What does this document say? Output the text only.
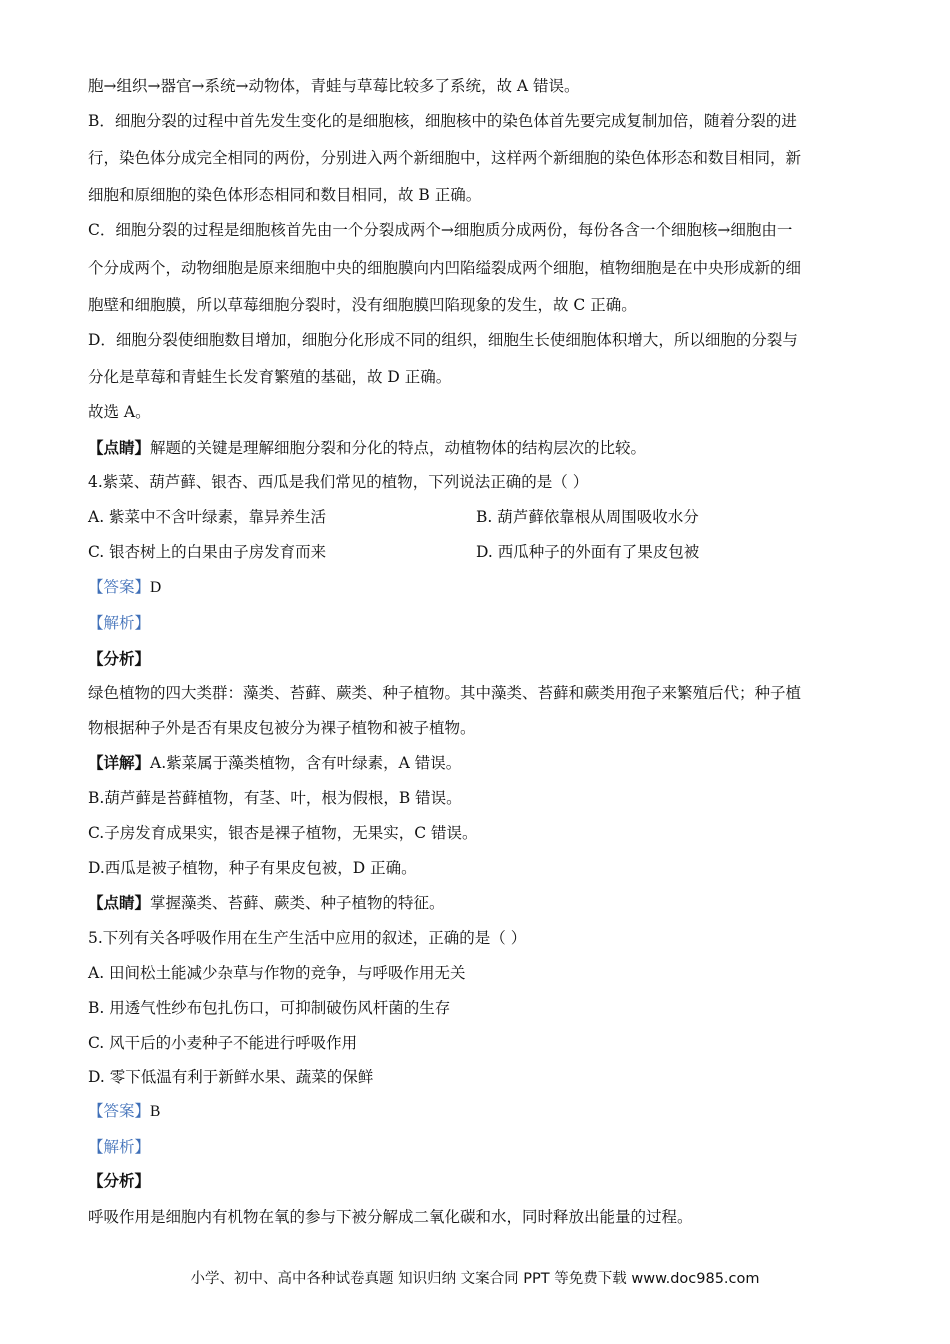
胞→组织→器官→系统→动物体，青蛙与草莓比较多了系统，故 A 错误。
B．细胞分裂的过程中首先发生变化的是细胞核，细胞核中的染色体首先要完成复制加倍，随着分裂的进
行，染色体分成完全相同的两份，分别进入两个新细胞中，这样两个新细胞的染色体形态和数目相同，新
细胞和原细胞的染色体形态相同和数目相同，故 B 正确。
C．细胞分裂的过程是细胞核首先由一个分裂成两个→细胞质分成两份，每份各含一个细胞核→细胞由一
个分成两个，动物细胞是原来细胞中央的细胞膜向内凹陷缢裂成两个细胞，植物细胞是在中央形成新的细
胞壁和细胞膜，所以草莓细胞分裂时，没有细胞膜凹陷现象的发生，故 C 正确。
D．细胞分裂使细胞数目增加，细胞分化形成不同的组织，细胞生长使细胞体积增大，所以细胞的分裂与
分化是草莓和青蛙生长发育繁殖的基础，故 D 正确。
故选 A。
【点睛】解题的关键是理解细胞分裂和分化的特点，动植物体的结构层次的比较。
4.紫菜、葫芦藓、银杏、西瓜是我们常见的植物，下列说法正确的是（ ）
A. 紫菜中不含叶绿素，靠异养生活	B. 葫芦藓依靠根从周围吸收水分
C. 银杏树上的白果由子房发育而来	D. 西瓜种子的外面有了果皮包被
【答案】D
【解析】
【分析】
绿色植物的四大类群：藻类、苔藓、蕨类、种子植物。其中藻类、苔藓和蕨类用孢子来繁殖后代；种子植
物根据种子外是否有果皮包被分为裸子植物和被子植物。
【详解】A.紫菜属于藻类植物，含有叶绿素，A 错误。
B.葫芦藓是苔藓植物，有茎、叶，根为假根，B 错误。
C.子房发育成果实，银杏是裸子植物，无果实，C 错误。
D.西瓜是被子植物，种子有果皮包被，D 正确。
【点睛】掌握藻类、苔藓、蕨类、种子植物的特征。
5.下列有关各呼吸作用在生产生活中应用的叙述，正确的是（ ）
A. 田间松土能减少杂草与作物的竞争，与呼吸作用无关
B. 用透气性纱布包扎伤口，可抑制破伤风杆菌的生存
C. 风干后的小麦种子不能进行呼吸作用
D. 零下低温有利于新鲜水果、蔬菜的保鲜
【答案】B
【解析】
【分析】
呼吸作用是细胞内有机物在氧的参与下被分解成二氧化碳和水，同时释放出能量的过程。
小学、初中、高中各种试卷真题 知识归纳 文案合同 PPT 等免费下载 www.doc985.com
